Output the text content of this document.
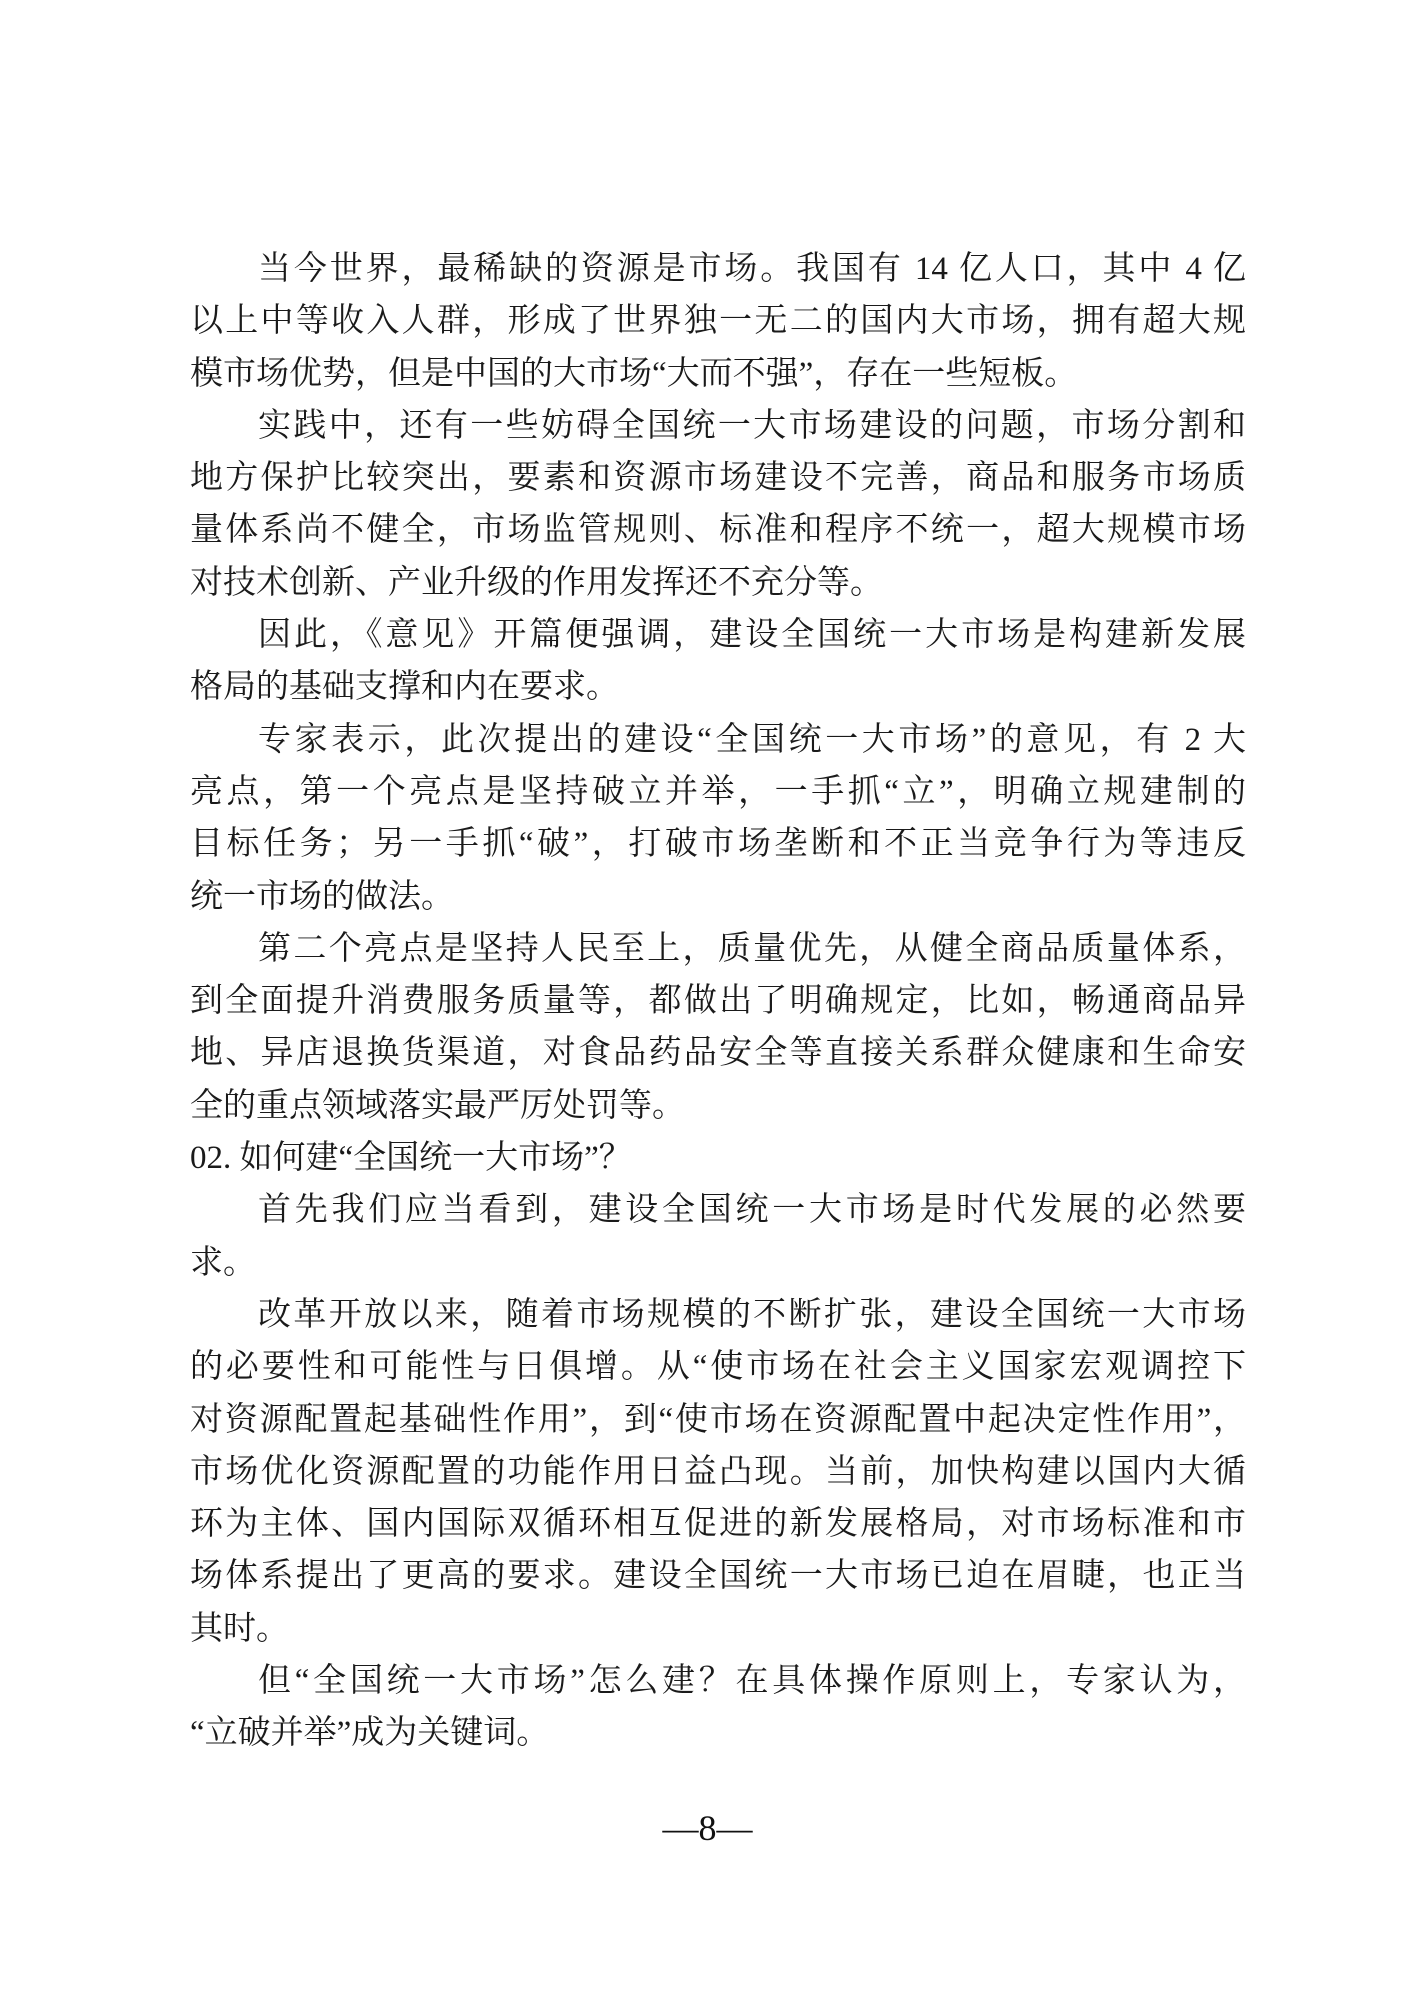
当今世界，最稀缺的资源是市场。我国有 14 亿人口，其中 4 亿
以上中等收入人群，形成了世界独一无二的国内大市场，拥有超大规
模市场优势，但是中国的大市场“大而不强”，存在一些短板。
实践中，还有一些妨碍全国统一大市场建设的问题，市场分割和
地方保护比较突出，要素和资源市场建设不完善，商品和服务市场质
量体系尚不健全，市场监管规则、标准和程序不统一，超大规模市场
对技术创新、产业升级的作用发挥还不充分等。
因此，《意见》开篇便强调，建设全国统一大市场是构建新发展
格局的基础支撑和内在要求。
专家表示，此次提出的建设“全国统一大市场”的意见，有 2 大
亮点，第一个亮点是坚持破立并举，一手抓“立”，明确立规建制的
目标任务；另一手抓“破”，打破市场垄断和不正当竞争行为等违反
统一市场的做法。
第二个亮点是坚持人民至上，质量优先，从健全商品质量体系，
到全面提升消费服务质量等，都做出了明确规定，比如，畅通商品异
地、异店退换货渠道，对食品药品安全等直接关系群众健康和生命安
全的重点领域落实最严厉处罚等。
02. 如何建“全国统一大市场”？
首先我们应当看到，建设全国统一大市场是时代发展的必然要
求。
改革开放以来，随着市场规模的不断扩张，建设全国统一大市场
的必要性和可能性与日俱增。从“使市场在社会主义国家宏观调控下
对资源配置起基础性作用”，到“使市场在资源配置中起决定性作用”，
市场优化资源配置的功能作用日益凸现。当前，加快构建以国内大循
环为主体、国内国际双循环相互促进的新发展格局，对市场标准和市
场体系提出了更高的要求。建设全国统一大市场已迫在眉睫，也正当
其时。
但“全国统一大市场”怎么建？在具体操作原则上，专家认为，
“立破并举”成为关键词。
—8—
